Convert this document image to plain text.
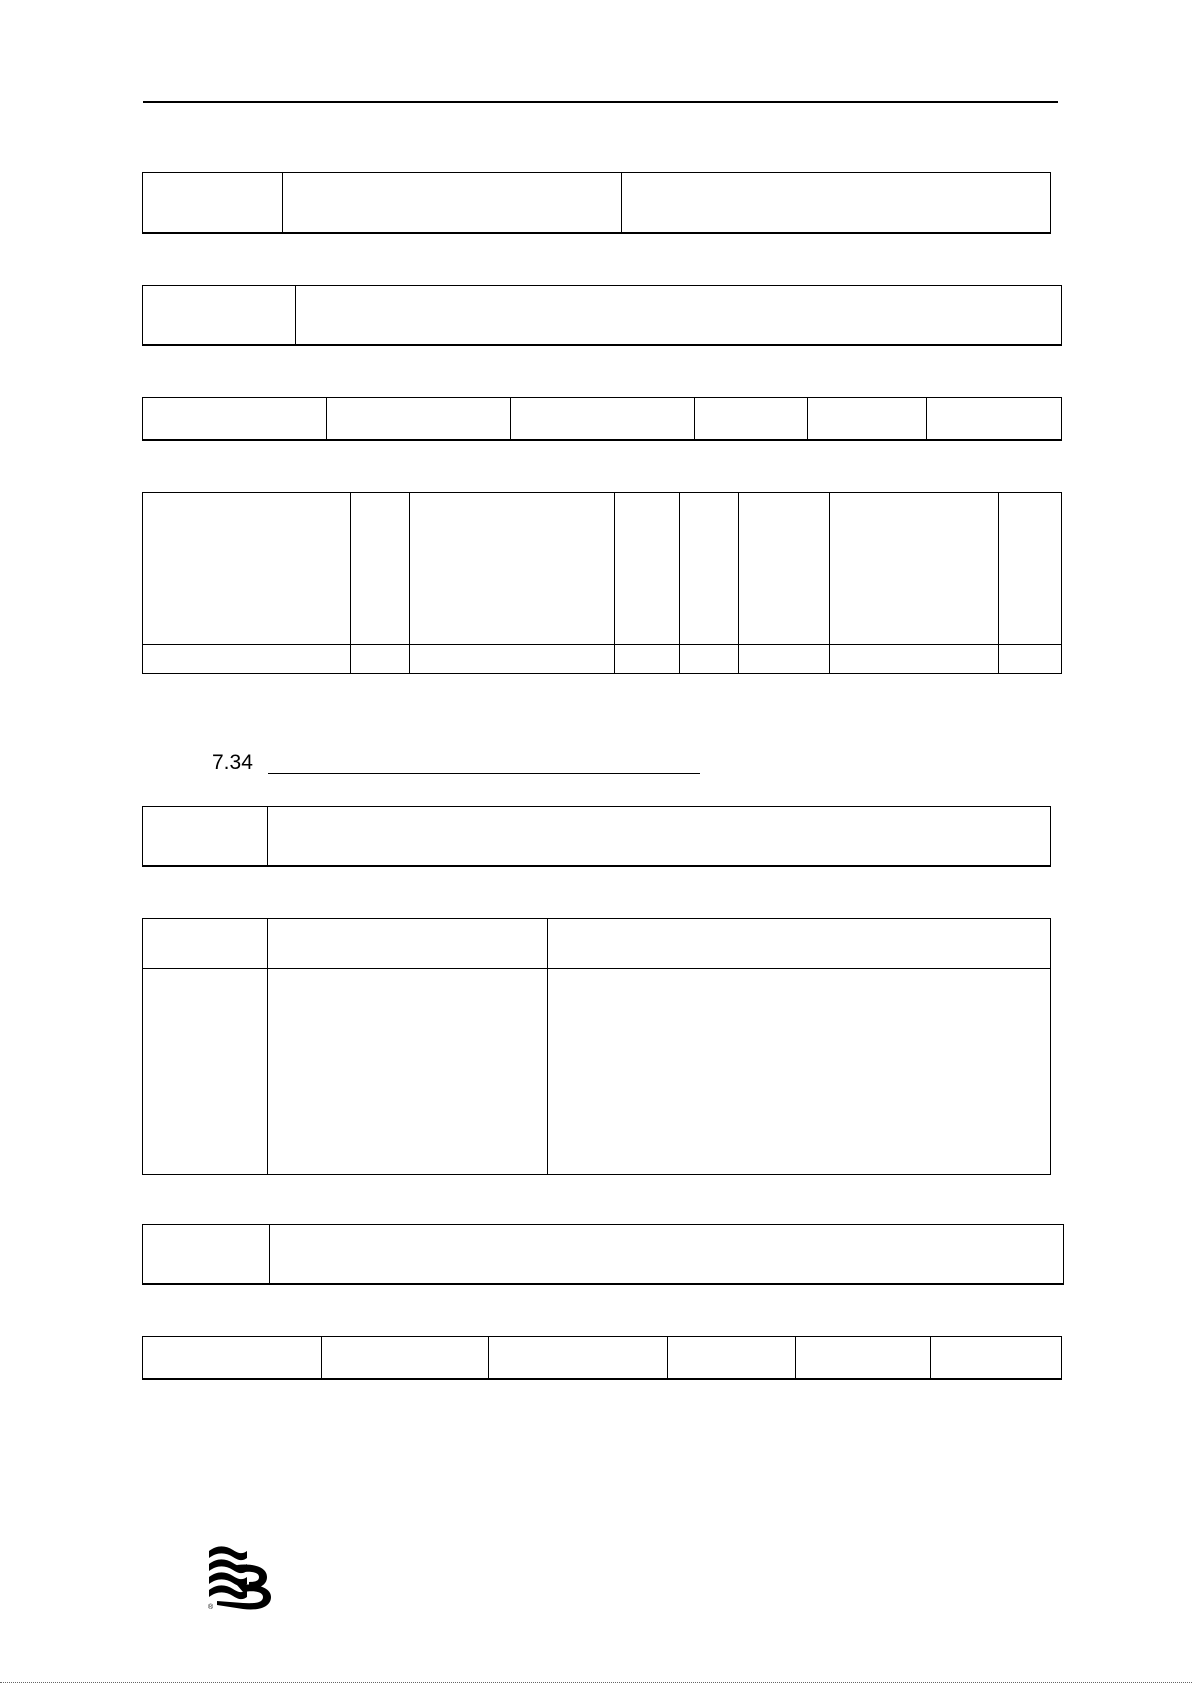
7.34

®
